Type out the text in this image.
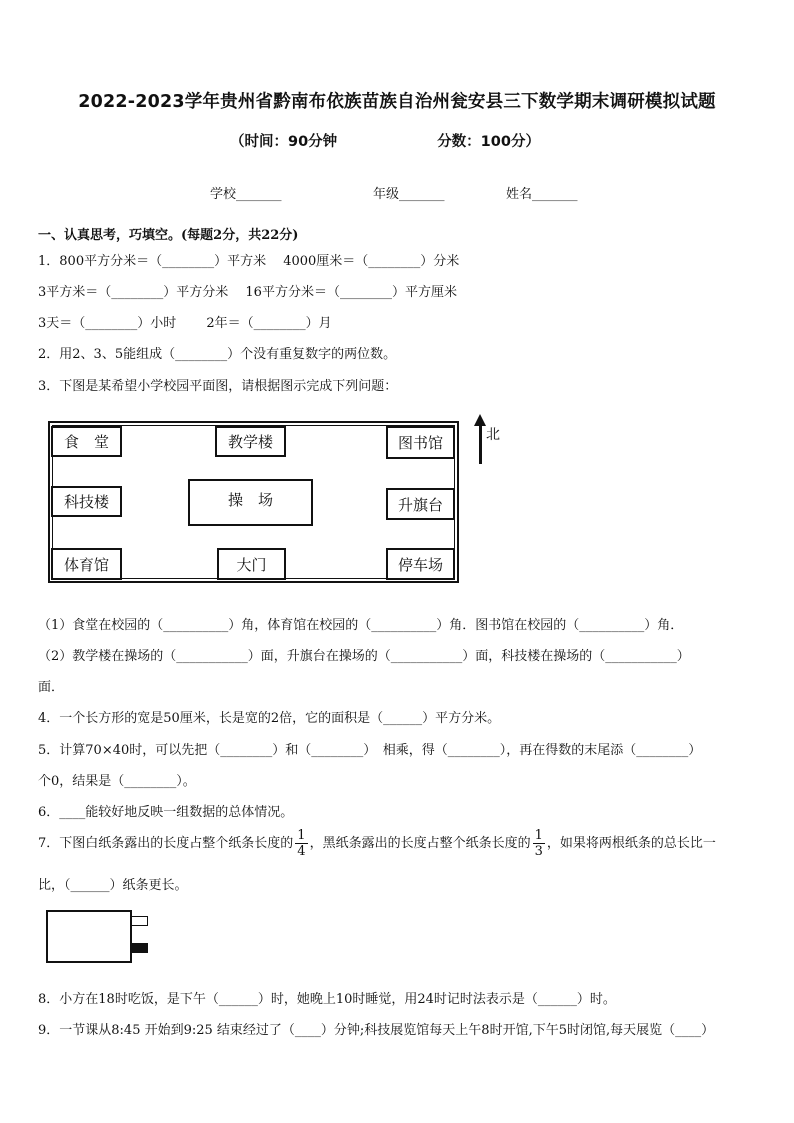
2022-2023学年贵州省黔南布依族苗族自治州瓮安县三下数学期末调研模拟试题
（时间：90分钟	分数：100分）
学校_______	年级_______	姓名_______
一、认真思考，巧填空。(每题2分，共22分)
1．800平方分米＝（________）平方米　 4000厘米＝（________）分米
3平方米＝（________）平方分米　 16平方分米＝（________）平方厘米
3天＝（________）小时　　 2年＝（________）月
2．用2、3、5能组成（________）个没有重复数字的两位数。
3．下图是某希望小学校园平面图，请根据图示完成下列问题：
食　堂	教学楼	图书馆
科技楼	操　场	升旗台
体育馆	大门	停车场
北
（1）食堂在校园的（__________）角，体育馆在校园的（__________）角．图书馆在校园的（__________）角．
（2）教学楼在操场的（___________）面，升旗台在操场的（___________）面，科技楼在操场的（___________）
面．
4．一个长方形的宽是50厘米，长是宽的2倍，它的面积是（______）平方分米。
5．计算70×40时，可以先把（________）和（________）　相乘，得（________），再在得数的末尾添（________）
个0，结果是（________）。
6．____能较好地反映一组数据的总体情况。
7．下图白纸条露出的长度占整个纸条长度的 $\frac{1}{4}$ ，黑纸条露出的长度占整个纸条长度的 $\frac{1}{3}$ ，如果将两根纸条的总长比一
比，（______）纸条更长。
8．小方在18时吃饭，是下午（______）时，她晚上10时睡觉，用24时记时法表示是（______）时。
9．一节课从8:45 开始到9:25 结束经过了（____）分钟;科技展览馆每天上午8时开馆,下午5时闭馆,每天展览（____）
